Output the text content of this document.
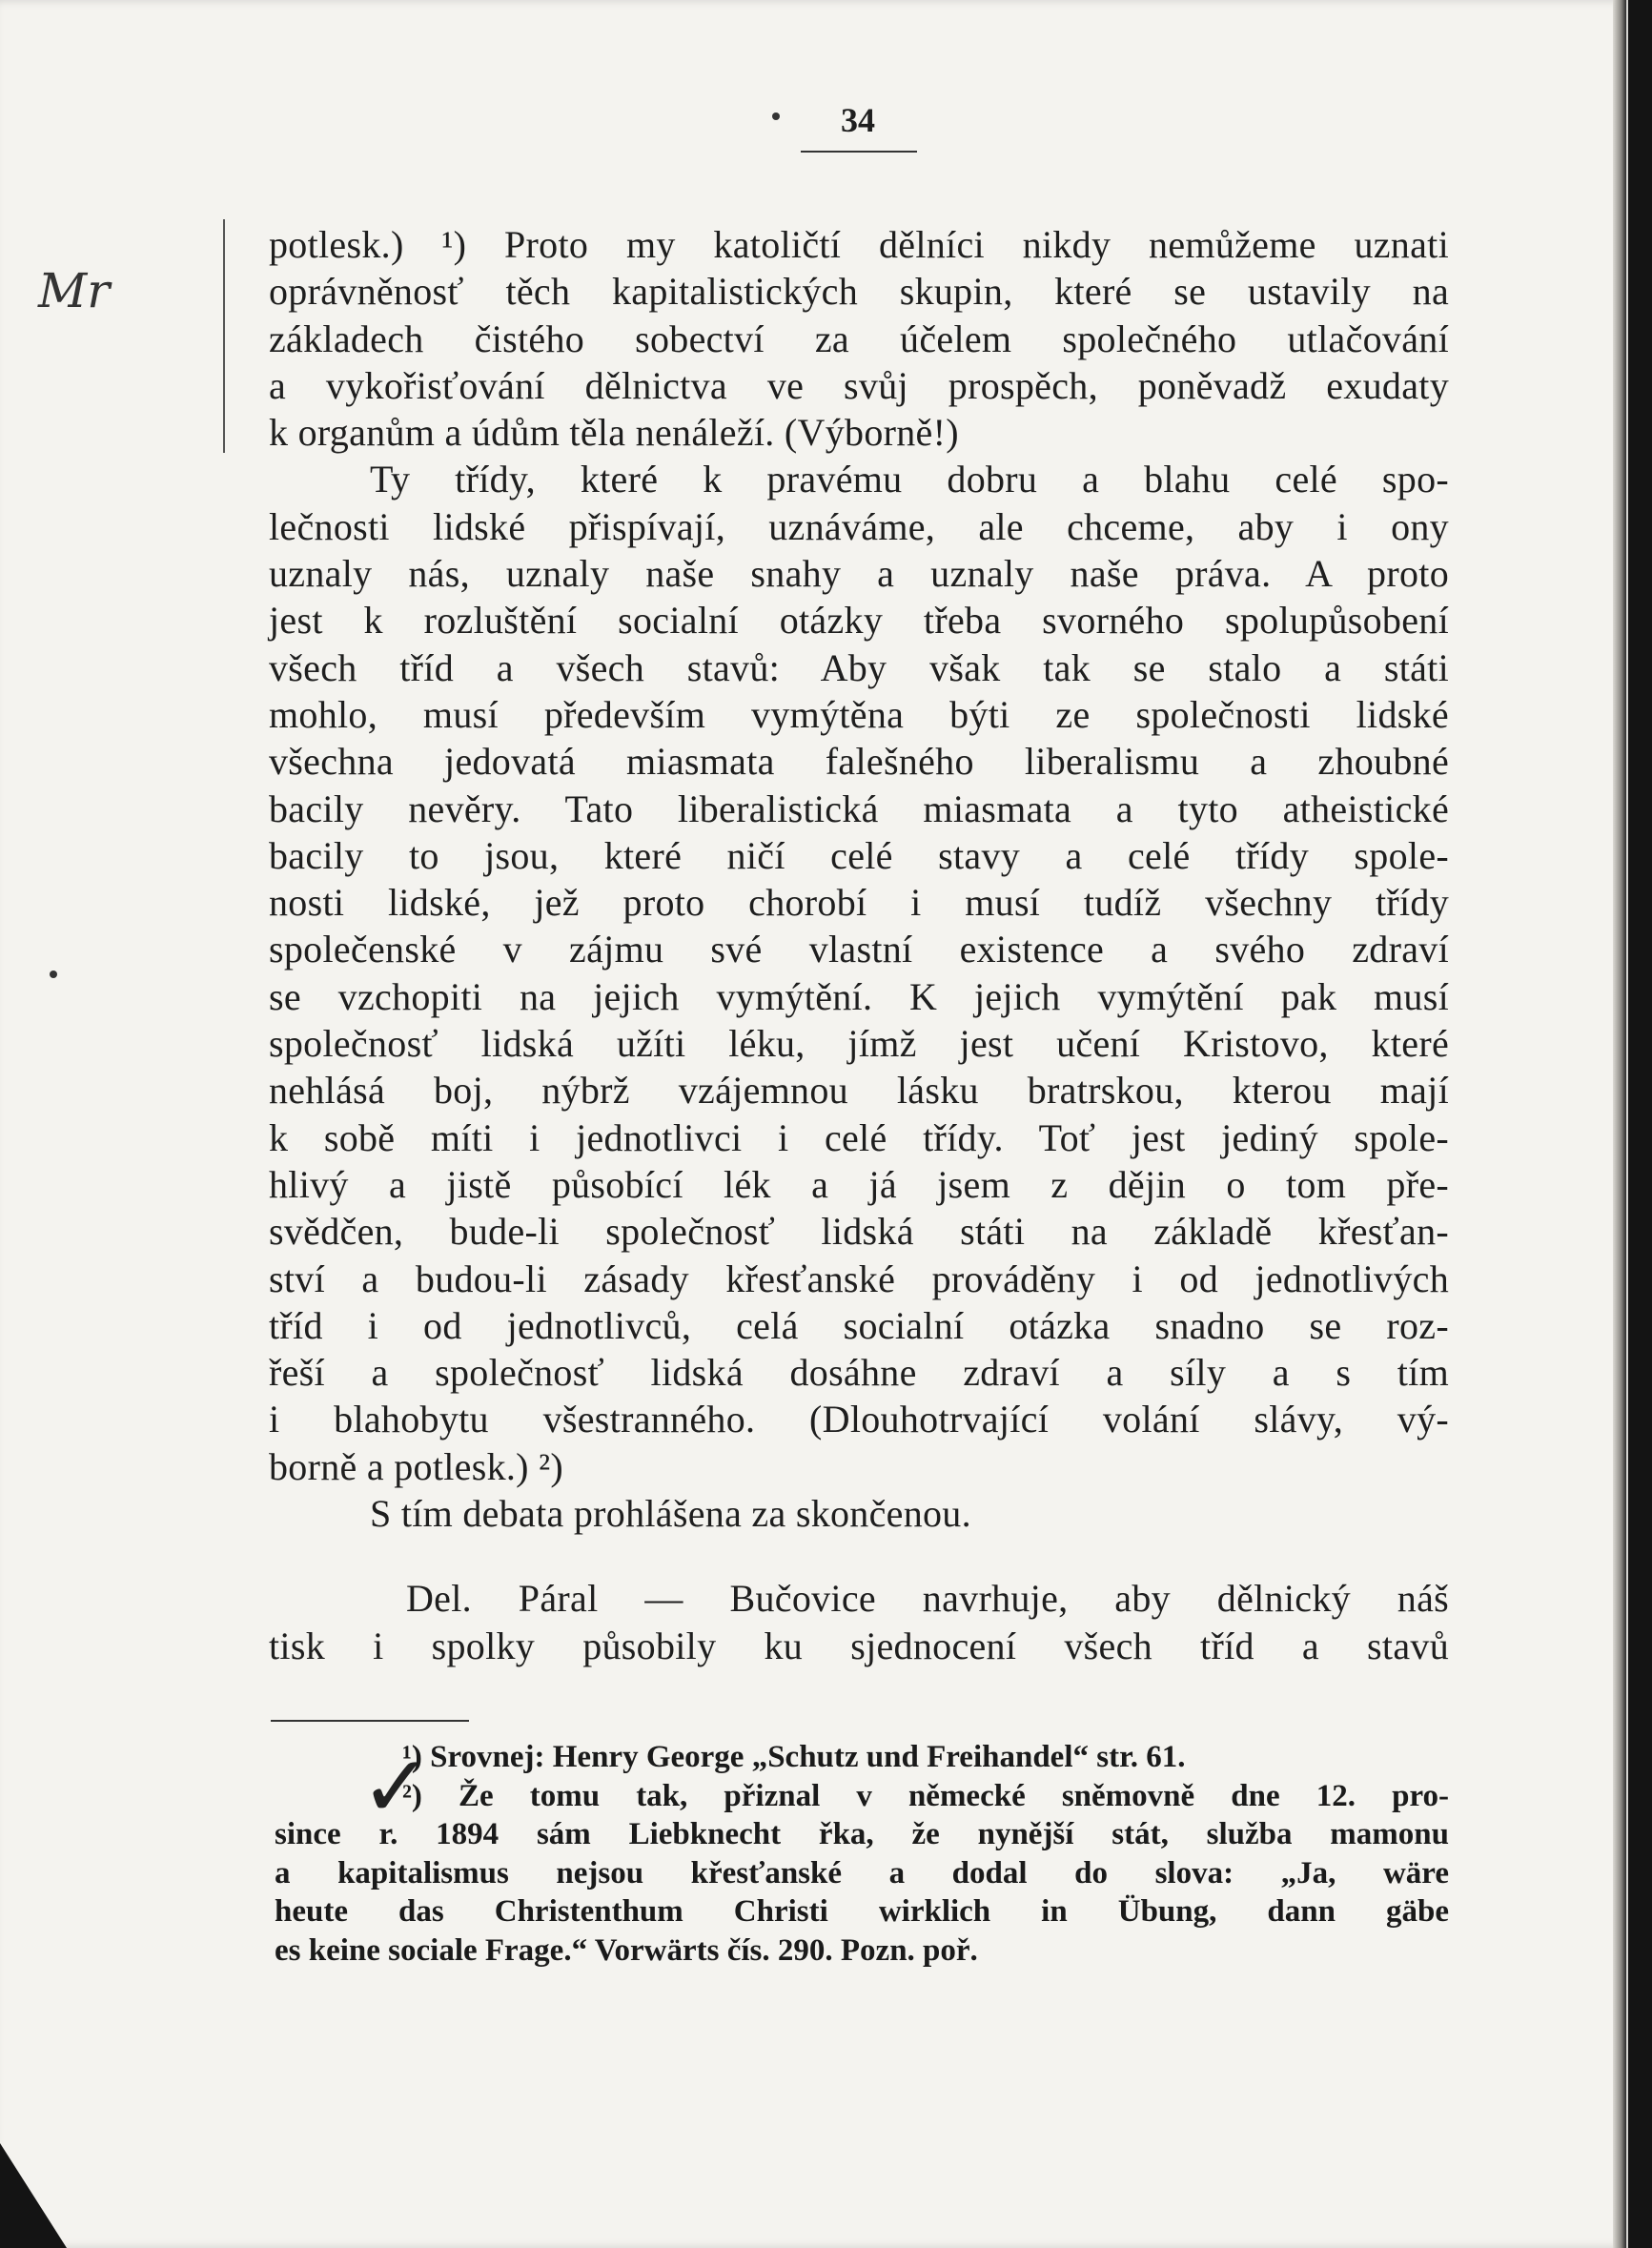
34
Mr
potlesk.) ¹) Proto my katoličtí dělníci nikdy nemůžeme uznati
oprávněnosť těch kapitalistických skupin, které se ustavily na
základech čistého sobectví za účelem společného utlačování
a vykořisťování dělnictva ve svůj prospěch, poněvadž exudaty
k organům a údům těla nenáleží. (Výborně!)
Ty třídy, které k pravému dobru a blahu celé spo-
lečnosti lidské přispívají, uznáváme, ale chceme, aby i ony
uznaly nás, uznaly naše snahy a uznaly naše práva. A proto
jest k rozluštění socialní otázky třeba svorného spolupůsobení
všech tříd a všech stavů: Aby však tak se stalo a státi
mohlo, musí především vymýtěna býti ze společnosti lidské
všechna jedovatá miasmata falešného liberalismu a zhoubné
bacily nevěry. Tato liberalistická miasmata a tyto atheistické
bacily to jsou, které ničí celé stavy a celé třídy spole-
nosti lidské, jež proto chorobí i musí tudíž všechny třídy
společenské v zájmu své vlastní existence a svého zdraví
se vzchopiti na jejich vymýtění. K jejich vymýtění pak musí
společnosť lidská užíti léku, jímž jest učení Kristovo, které
nehlásá boj, nýbrž vzájemnou lásku bratrskou, kterou mají
k sobě míti i jednotlivci i celé třídy. Toť jest jediný spole-
hlivý a jistě působící lék a já jsem z dějin o tom pře-
svědčen, bude-li společnosť lidská státi na základě křesťan-
ství a budou-li zásady křesťanské prováděny i od jednotlivých
tříd i od jednotlivců, celá socialní otázka snadno se roz-
řeší a společnosť lidská dosáhne zdraví a síly a s tím
i blahobytu všestranného. (Dlouhotrvající volání slávy, vý-
borně a potlesk.) ²)
S tím debata prohlášena za skončenou.
Del. Páral — Bučovice navrhuje, aby dělnický náš
tisk i spolky působily ku sjednocení všech tříd a stavů
✓
¹) Srovnej: Henry George „Schutz und Freihandel“ str. 61.
²) Že tomu tak, přiznal v německé sněmovně dne 12. pro-
since r. 1894 sám Liebknecht řka, že nynější stát, služba mamonu
a kapitalismus nejsou křesťanské a dodal do slova: „Ja, wäre
heute das Christenthum Christi wirklich in Übung, dann gäbe
es keine sociale Frage.“ Vorwärts čís. 290. Pozn. poř.
